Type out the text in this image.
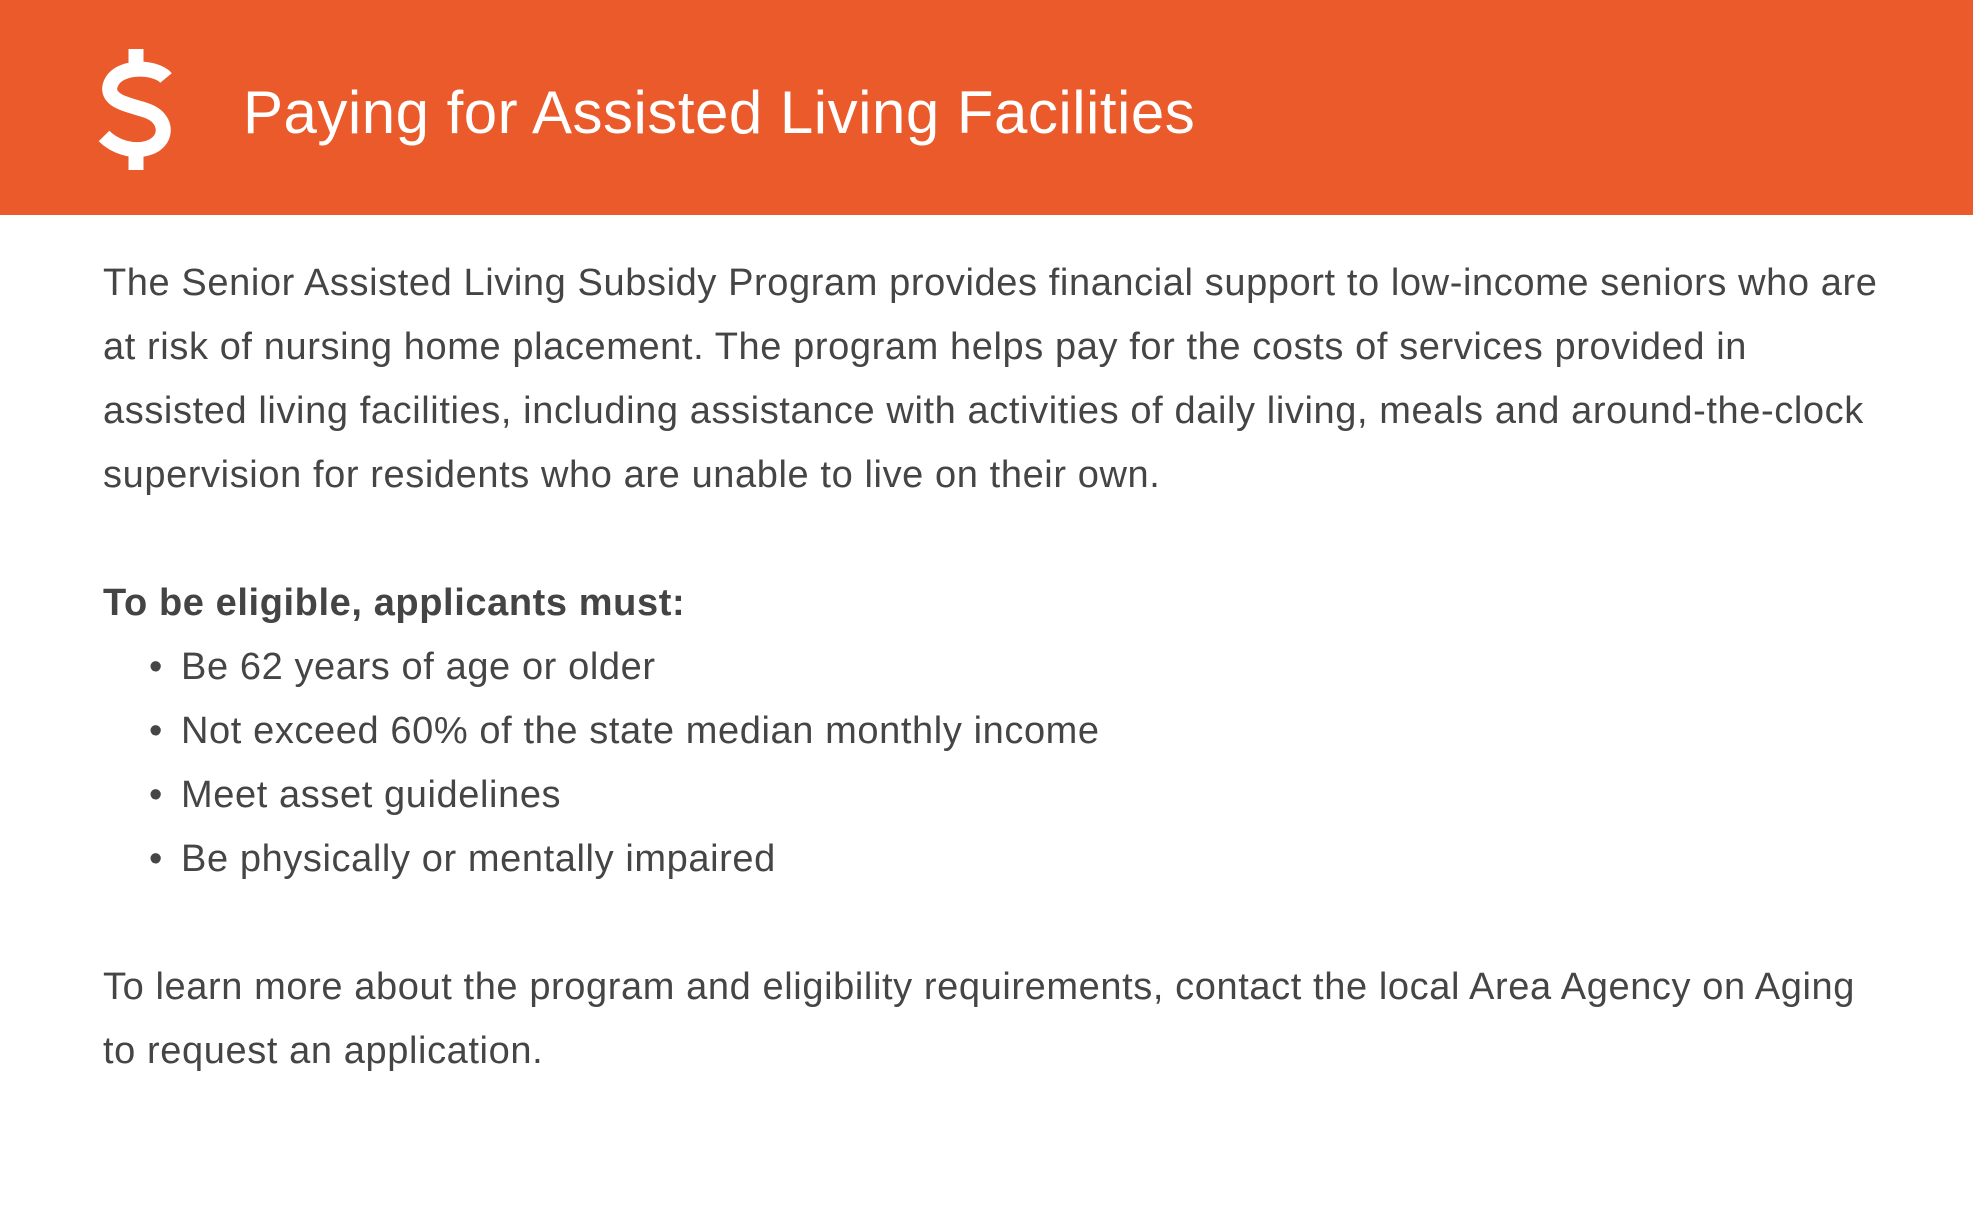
Paying for Assisted Living Facilities

The Senior Assisted Living Subsidy Program provides financial support to low-income seniors who are at risk of nursing home placement. The program helps pay for the costs of services provided in assisted living facilities, including assistance with activities of daily living, meals and around-the-clock supervision for residents who are unable to live on their own.

To be eligible, applicants must:

• Be 62 years of age or older
• Not exceed 60% of the state median monthly income
• Meet asset guidelines
• Be physically or mentally impaired

To learn more about the program and eligibility requirements, contact the local Area Agency on Aging to request an application.
